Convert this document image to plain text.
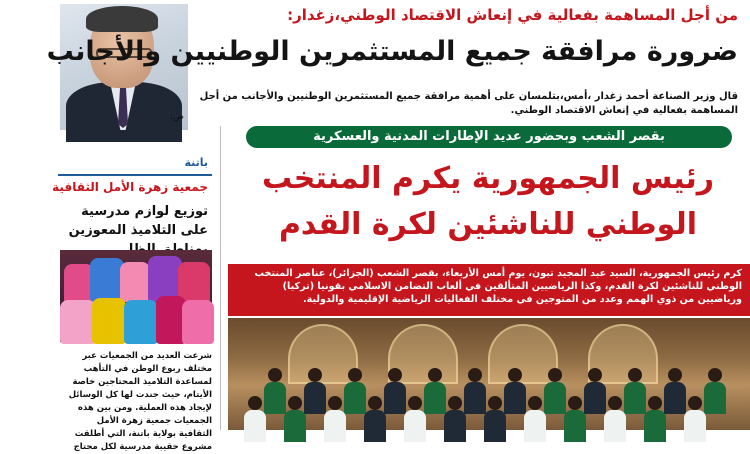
من أجل المساهمة بفعالية في إنعاش الاقتصاد الوطني،زغدار:
ضرورة مرافقة جميع المستثمرين الوطنيين والأجانب
قال وزير الصناعة أحمد زغدار ،أمس،بتلمسان على أهمية مرافقة جميع المستثمرين الوطنيين والأجانب من أجل المساهمة بفعالية في إنعاش الاقتصاد الوطني.
ص:
باتنة
جمعية زهرة الأمل الثقافية
توزيع لوازم مدرسية على التلاميذ المعوزين
شرعت العديد من الجمعيات عبر مختلف ربوع الوطن في التأهب لمساعدة التلاميذ المحتاجين خاصة الأيتام، حيث جندت لها كل الوسائل لإيجاد هذه العملية. ومن بين هذه الجمعيات جمعية زهرة الأمل الثقافية بولاية باتنة، التي أطلقت مشروع حقيبة مدرسية لكل محتاج
بقصر الشعب وبحضور عديد الإطارات المدنية والعسكرية
رئيس الجمهورية يكرم المنتخب
الوطني للناشئين لكرة القدم
كرم رئيس الجمهورية، السيد عبد المجيد تبون، يوم أمس الأربعاء، بقصر الشعب (الجزائر)، عناصر المنتخب الوطني للناشئين لكرة القدم، وكذا الرياضيين المتألقين في ألعاب التضامن الاسلامي بقونيا (تركيا) ورياضيين من ذوي الهمم وعدد من المتوجين في مختلف الفعاليات الرياضية الإقليمية والدولية.
